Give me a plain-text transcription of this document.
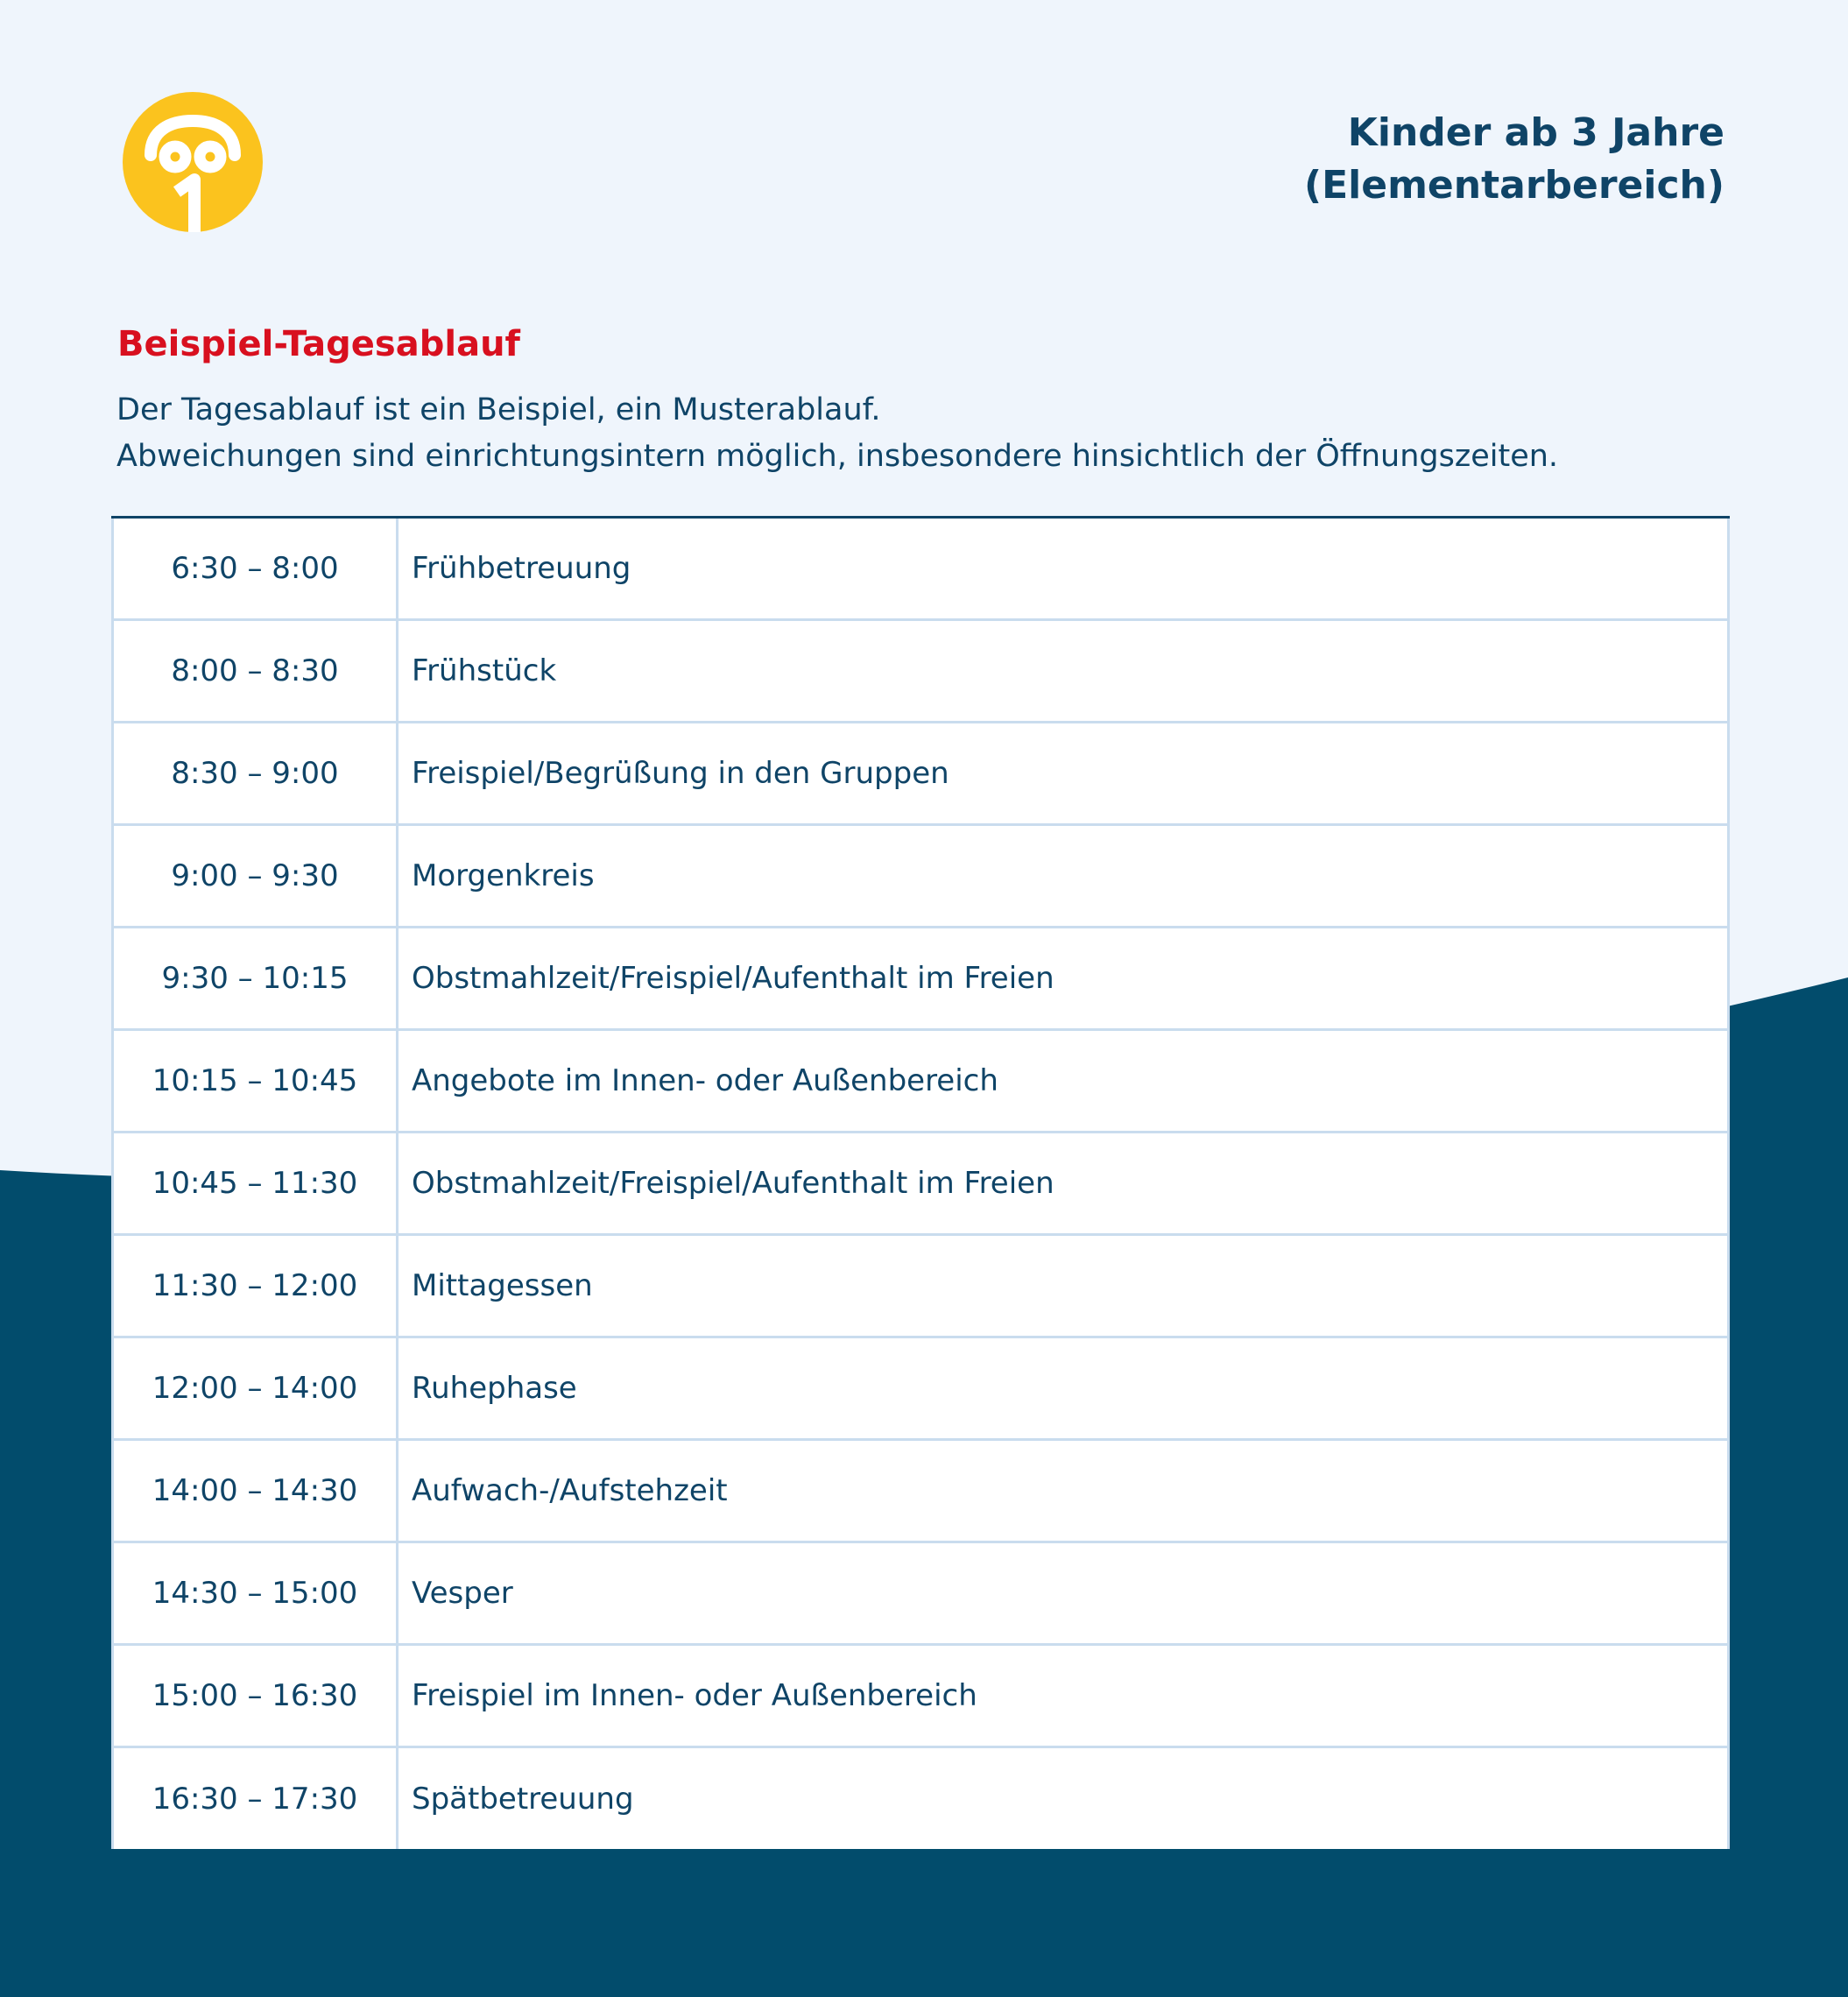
Kinder ab 3 Jahre
(Elementarbereich)
Beispiel-Tagesablauf
Der Tagesablauf ist ein Beispiel, ein Musterablauf.
Abweichungen sind einrichtungsintern möglich, insbesondere hinsichtlich der Öffnungszeiten.
6:30 – 8:00	Frühbetreuung
8:00 – 8:30	Frühstück
8:30 – 9:00	Freispiel/Begrüßung in den Gruppen
9:00 – 9:30	Morgenkreis
9:30 – 10:15	Obstmahlzeit/Freispiel/Aufenthalt im Freien
10:15 – 10:45	Angebote im Innen- oder Außenbereich
10:45 – 11:30	Obstmahlzeit/Freispiel/Aufenthalt im Freien
11:30 – 12:00	Mittagessen
12:00 – 14:00	Ruhephase
14:00 – 14:30	Aufwach-/Aufstehzeit
14:30 – 15:00	Vesper
15:00 – 16:30	Freispiel im Innen- oder Außenbereich
16:30 – 17:30	Spätbetreuung
